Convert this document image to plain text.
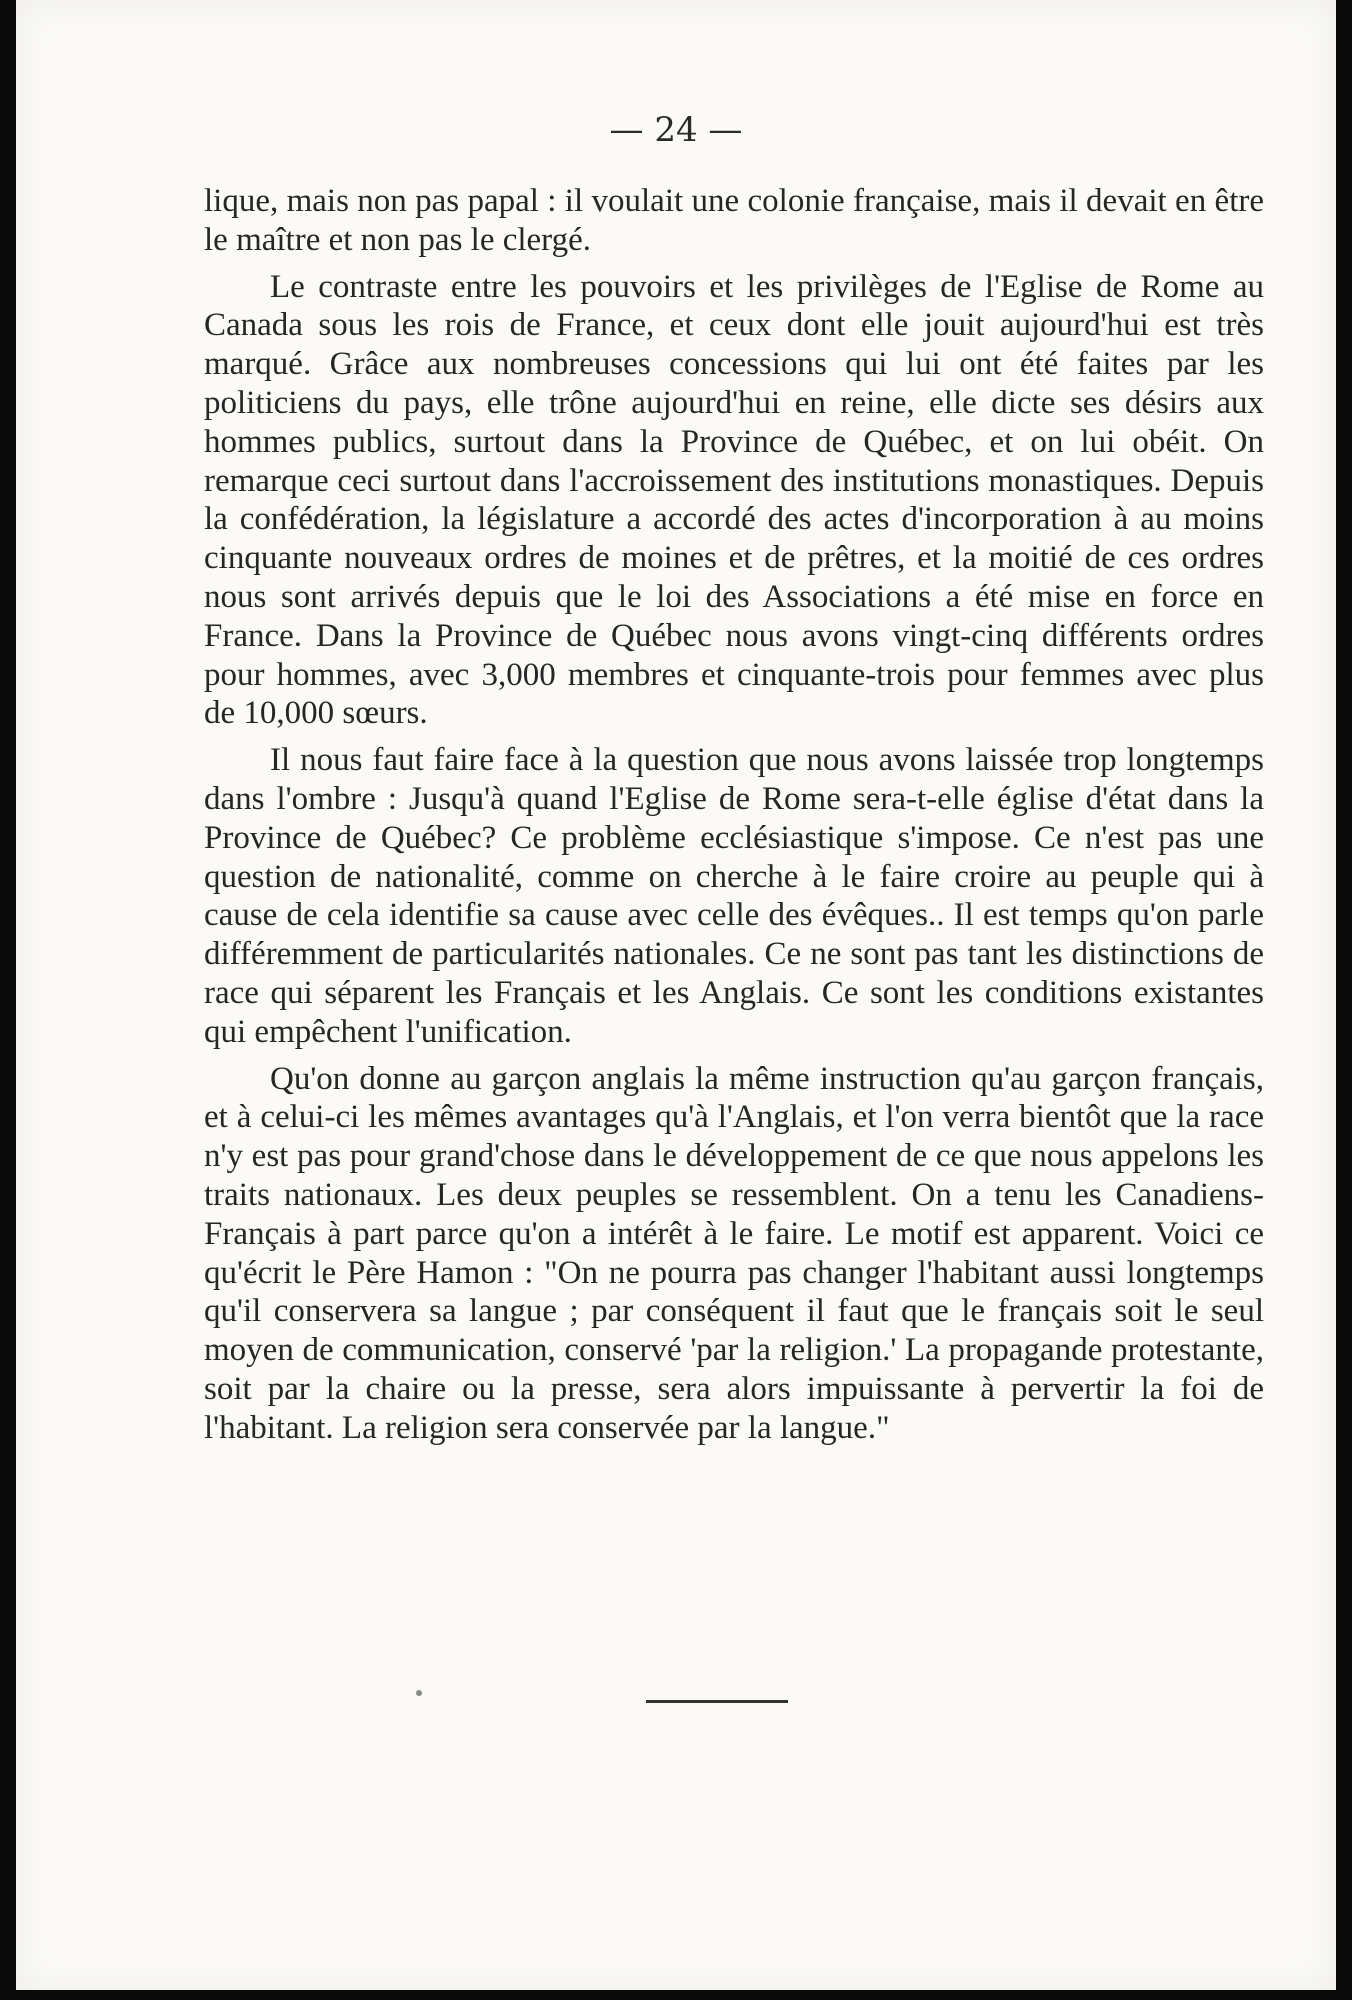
— 24 —

lique, mais non pas papal : il voulait une colonie française, mais il devait en être le maître et non pas le clergé.

Le contraste entre les pouvoirs et les privilèges de l'Eglise de Rome au Canada sous les rois de France, et ceux dont elle jouit aujourd'hui est très marqué. Grâce aux nombreuses concessions qui lui ont été faites par les politiciens du pays, elle trône aujourd'hui en reine, elle dicte ses désirs aux hommes publics, surtout dans la Province de Québec, et on lui obéit. On remarque ceci surtout dans l'accroissement des institutions monastiques. Depuis la confédération, la législature a accordé des actes d'incorporation à au moins cinquante nouveaux ordres de moines et de prêtres, et la moitié de ces ordres nous sont arrivés depuis que le loi des Associations a été mise en force en France. Dans la Province de Québec nous avons vingt-cinq différents ordres pour hommes, avec 3,000 membres et cinquante-trois pour femmes avec plus de 10,000 sœurs.

Il nous faut faire face à la question que nous avons laissée trop longtemps dans l'ombre : Jusqu'à quand l'Eglise de Rome sera-t-elle église d'état dans la Province de Québec? Ce problème ecclésiastique s'impose. Ce n'est pas une question de nationalité, comme on cherche à le faire croire au peuple qui à cause de cela identifie sa cause avec celle des évêques.. Il est temps qu'on parle différemment de particularités nationales. Ce ne sont pas tant les distinctions de race qui séparent les Français et les Anglais. Ce sont les conditions existantes qui empêchent l'unification.

Qu'on donne au garçon anglais la même instruction qu'au garçon français, et à celui-ci les mêmes avantages qu'à l'Anglais, et l'on verra bientôt que la race n'y est pas pour grand'chose dans le développement de ce que nous appelons les traits nationaux. Les deux peuples se ressemblent. On a tenu les Canadiens-Français à part parce qu'on a intérêt à le faire. Le motif est apparent. Voici ce qu'écrit le Père Hamon : "On ne pourra pas changer l'habitant aussi longtemps qu'il conservera sa langue ; par conséquent il faut que le français soit le seul moyen de communication, conservé 'par la religion.' La propagande protestante, soit par la chaire ou la presse, sera alors impuissante à pervertir la foi de l'habitant. La religion sera conservée par la langue."
